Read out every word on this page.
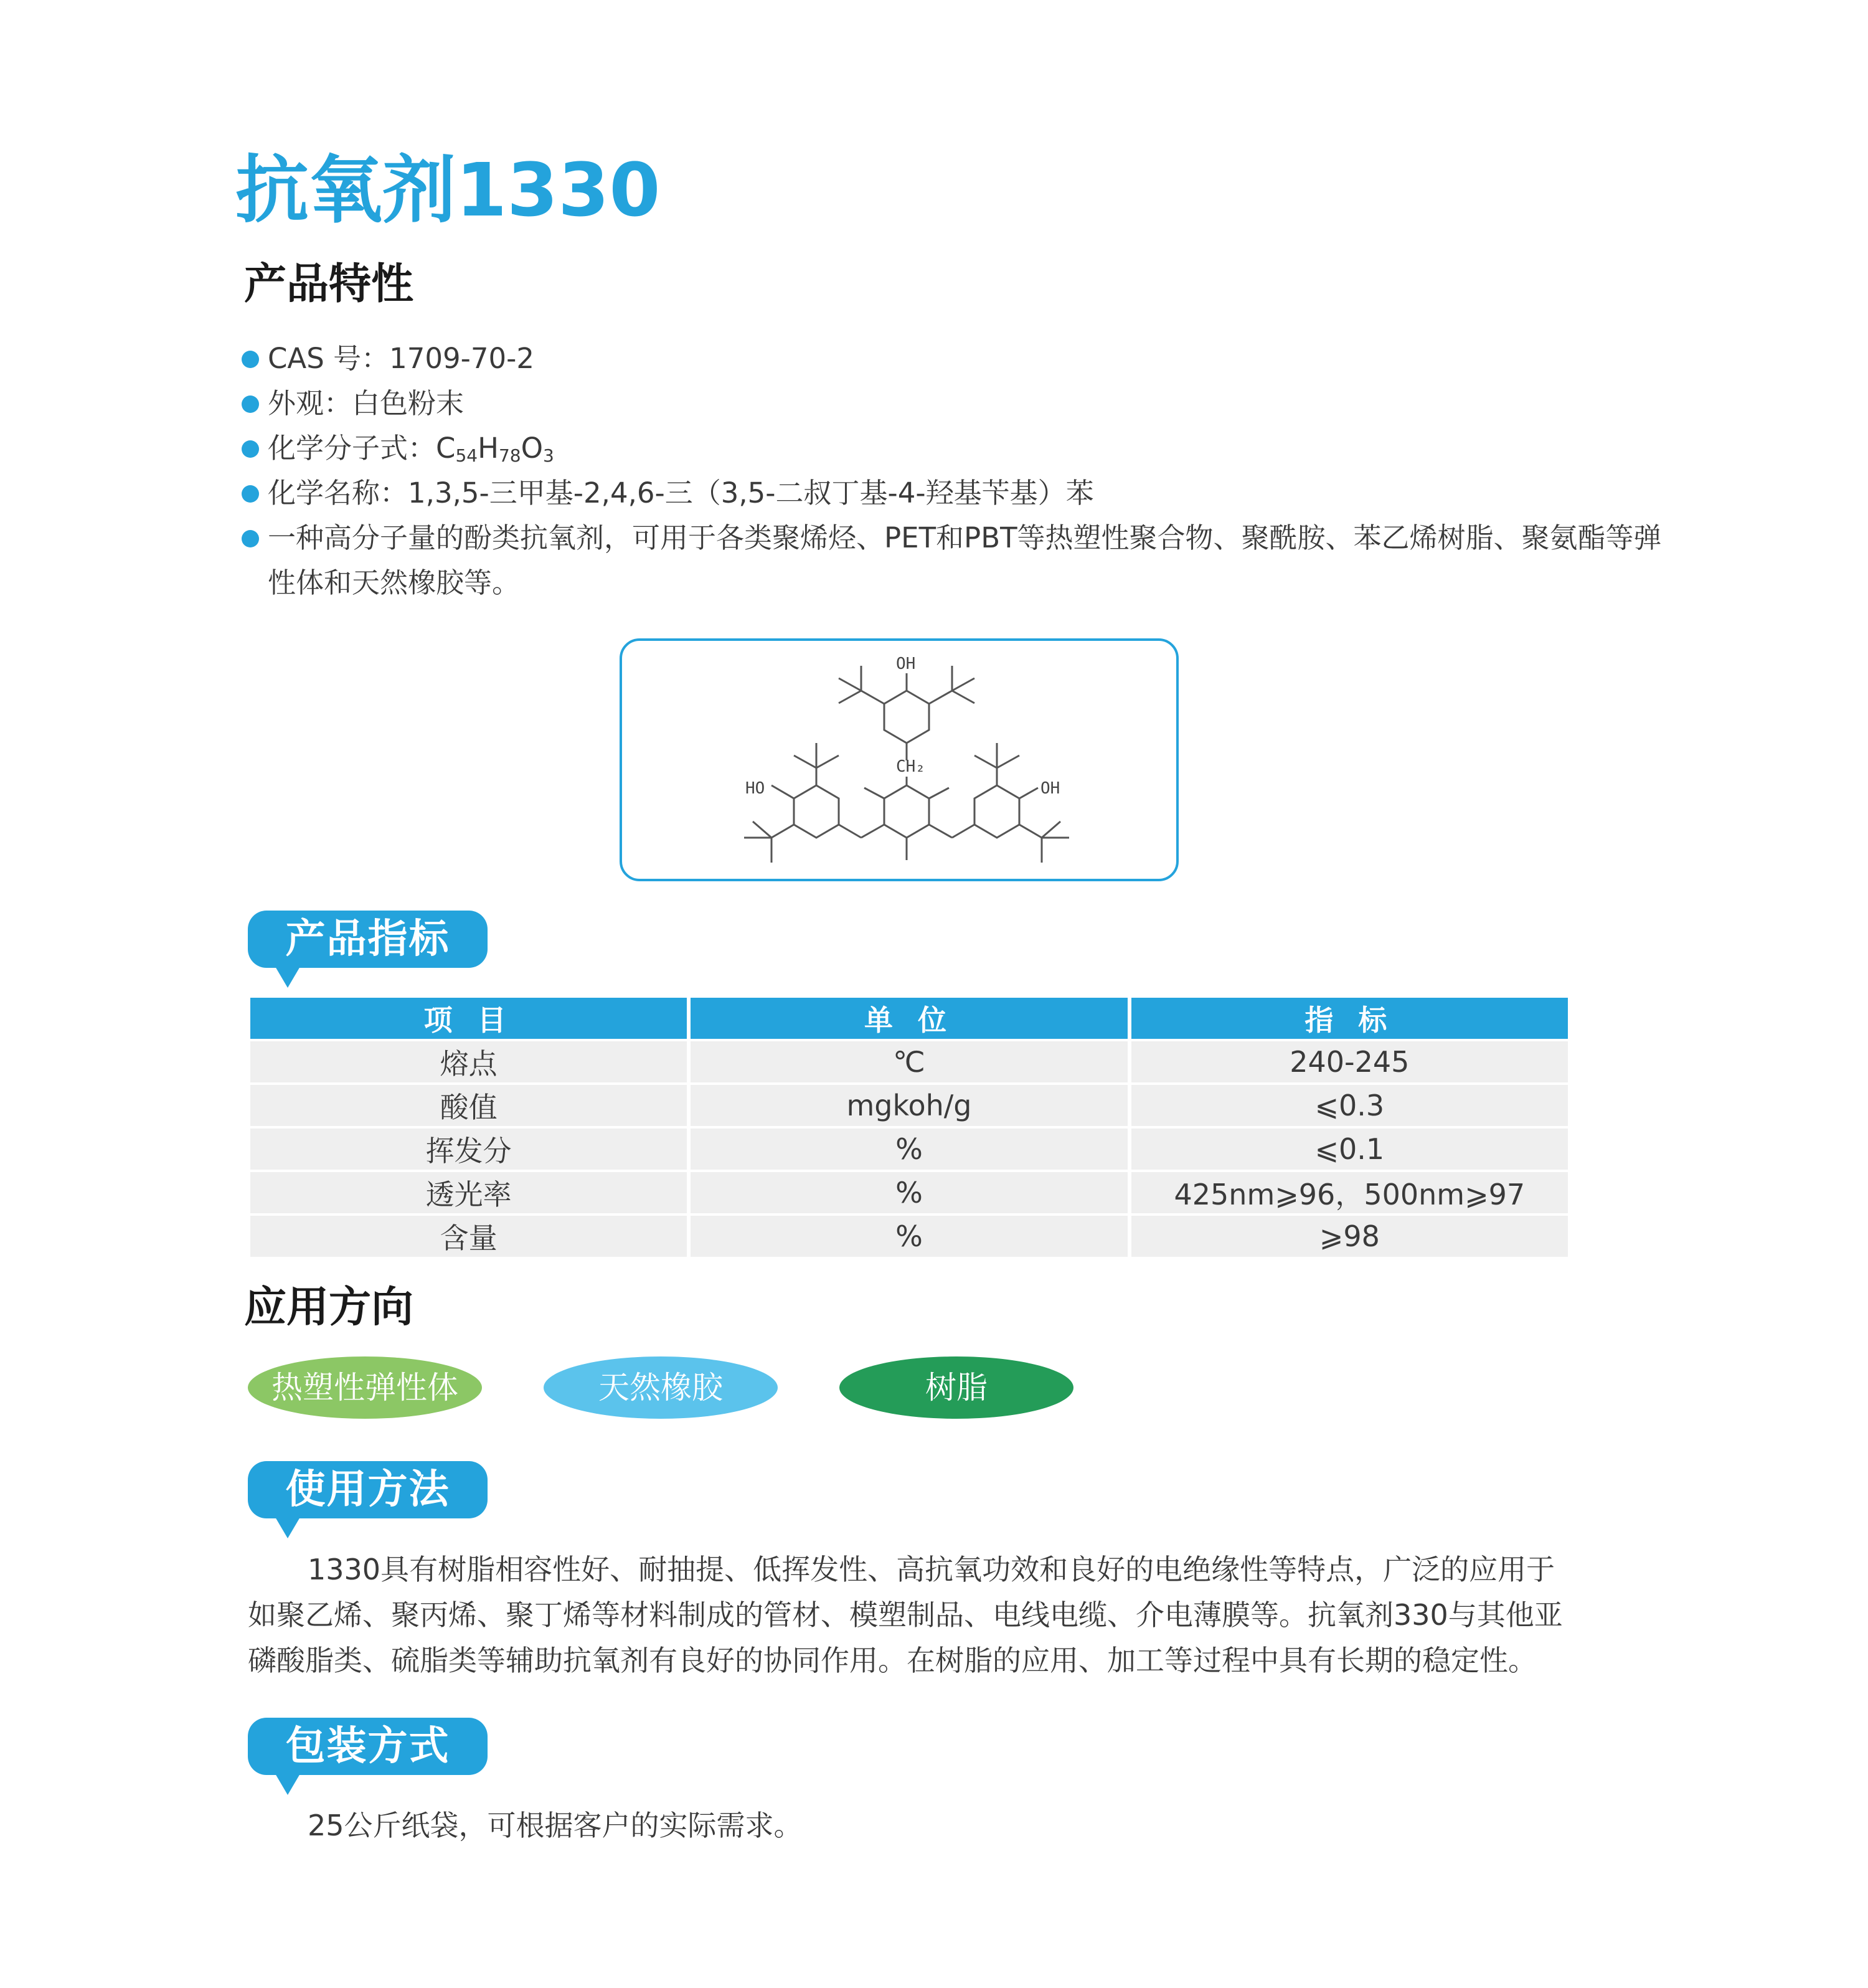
抗氧剂1330
产品特性
CAS 号：1709-70-2
外观：白色粉末
化学分子式：$C_{54}H_{78}O_3$
化学名称：1,3,5-三甲基-2,4,6-三（3,5-二叔丁基-4-羟基苄基）苯
一种高分子量的酚类抗氧剂，可用于各类聚烯烃、PET和PBT等热塑性聚合物、聚酰胺、苯乙烯树脂、聚氨酯等弹性体和天然橡胶等。
OH
CH₂
HO	OH
产品指标
项 目	单 位	指 标
熔点	℃	240-245
酸值	mgkoh/g	⩽0.3
挥发分	%	⩽0.1
透光率	%	425nm⩾96，500nm⩾97
含量	%	⩾98
应用方向
热塑性弹性体	天然橡胶	树脂
使用方法
1330具有树脂相容性好、耐抽提、低挥发性、高抗氧功效和良好的电绝缘性等特点，广泛的应用于如聚乙烯、聚丙烯、聚丁烯等材料制成的管材、模塑制品、电线电缆、介电薄膜等。抗氧剂330与其他亚磷酸脂类、硫脂类等辅助抗氧剂有良好的协同作用。在树脂的应用、加工等过程中具有长期的稳定性。
包装方式
25公斤纸袋，可根据客户的实际需求。
